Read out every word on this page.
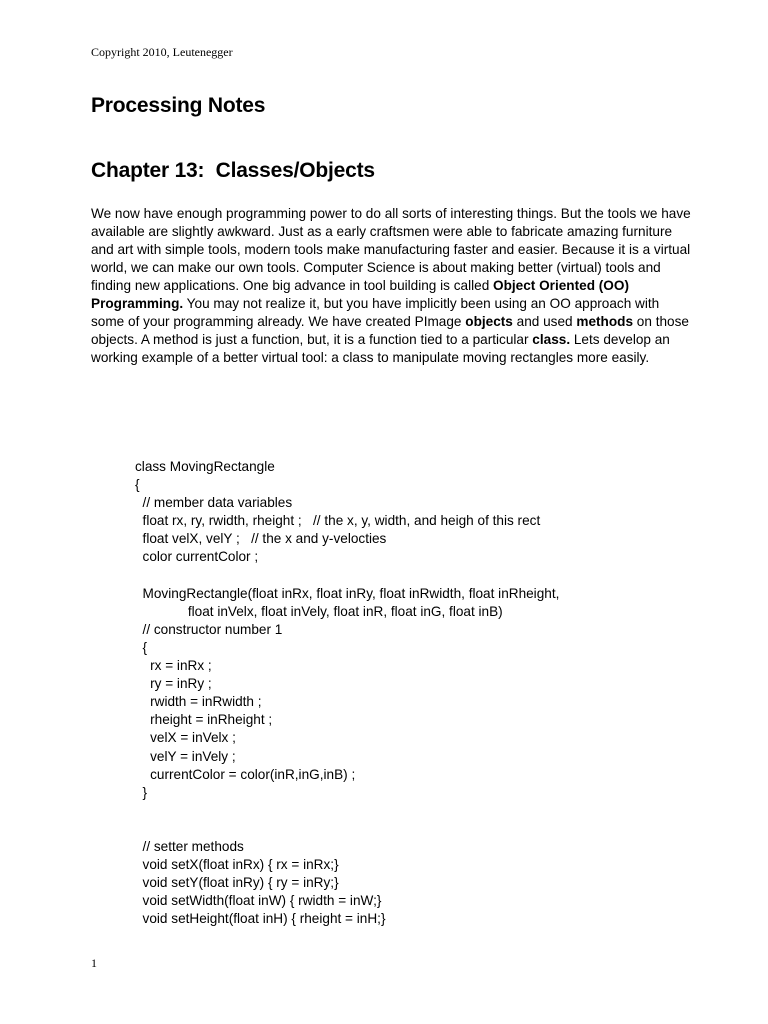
Copyright 2010, Leutenegger
Processing Notes
Chapter 13:  Classes/Objects

We now have enough programming power to do all sorts of interesting things. But the tools we have available are slightly awkward. Just as a early craftsmen were able to fabricate amazing furniture and art with simple tools, modern tools make manufacturing faster and easier. Because it is a virtual world, we can make our own tools. Computer Science is about making better (virtual) tools and finding new applications. One big advance in tool building is called Object Oriented (OO) Programming. You may not realize it, but you have implicitly been using an OO approach with some of your programming already. We have created PImage objects and used methods on those objects. A method is just a function, but, it is a function tied to a particular class. Lets develop an working example of a better virtual tool: a class to manipulate moving rectangles more easily.

class MovingRectangle
{
// member data variables
float rx, ry, rwidth, rheight ;   // the x, y, width, and heigh of this rect
float velX, velY ;   // the x and y-velocties
color currentColor ;

MovingRectangle(float inRx, float inRy, float inRwidth, float inRheight,
float inVelx, float inVely, float inR, float inG, float inB)
// constructor number 1
{
rx = inRx ;
ry = inRy ;
rwidth = inRwidth ;
rheight = inRheight ;
velX = inVelx ;
velY = inVely ;
currentColor = color(inR,inG,inB) ;
}

// setter methods
void setX(float inRx) { rx = inRx;}
void setY(float inRy) { ry = inRy;}
void setWidth(float inW) { rwidth = inW;}
void setHeight(float inH) { rheight = inH;}
1
